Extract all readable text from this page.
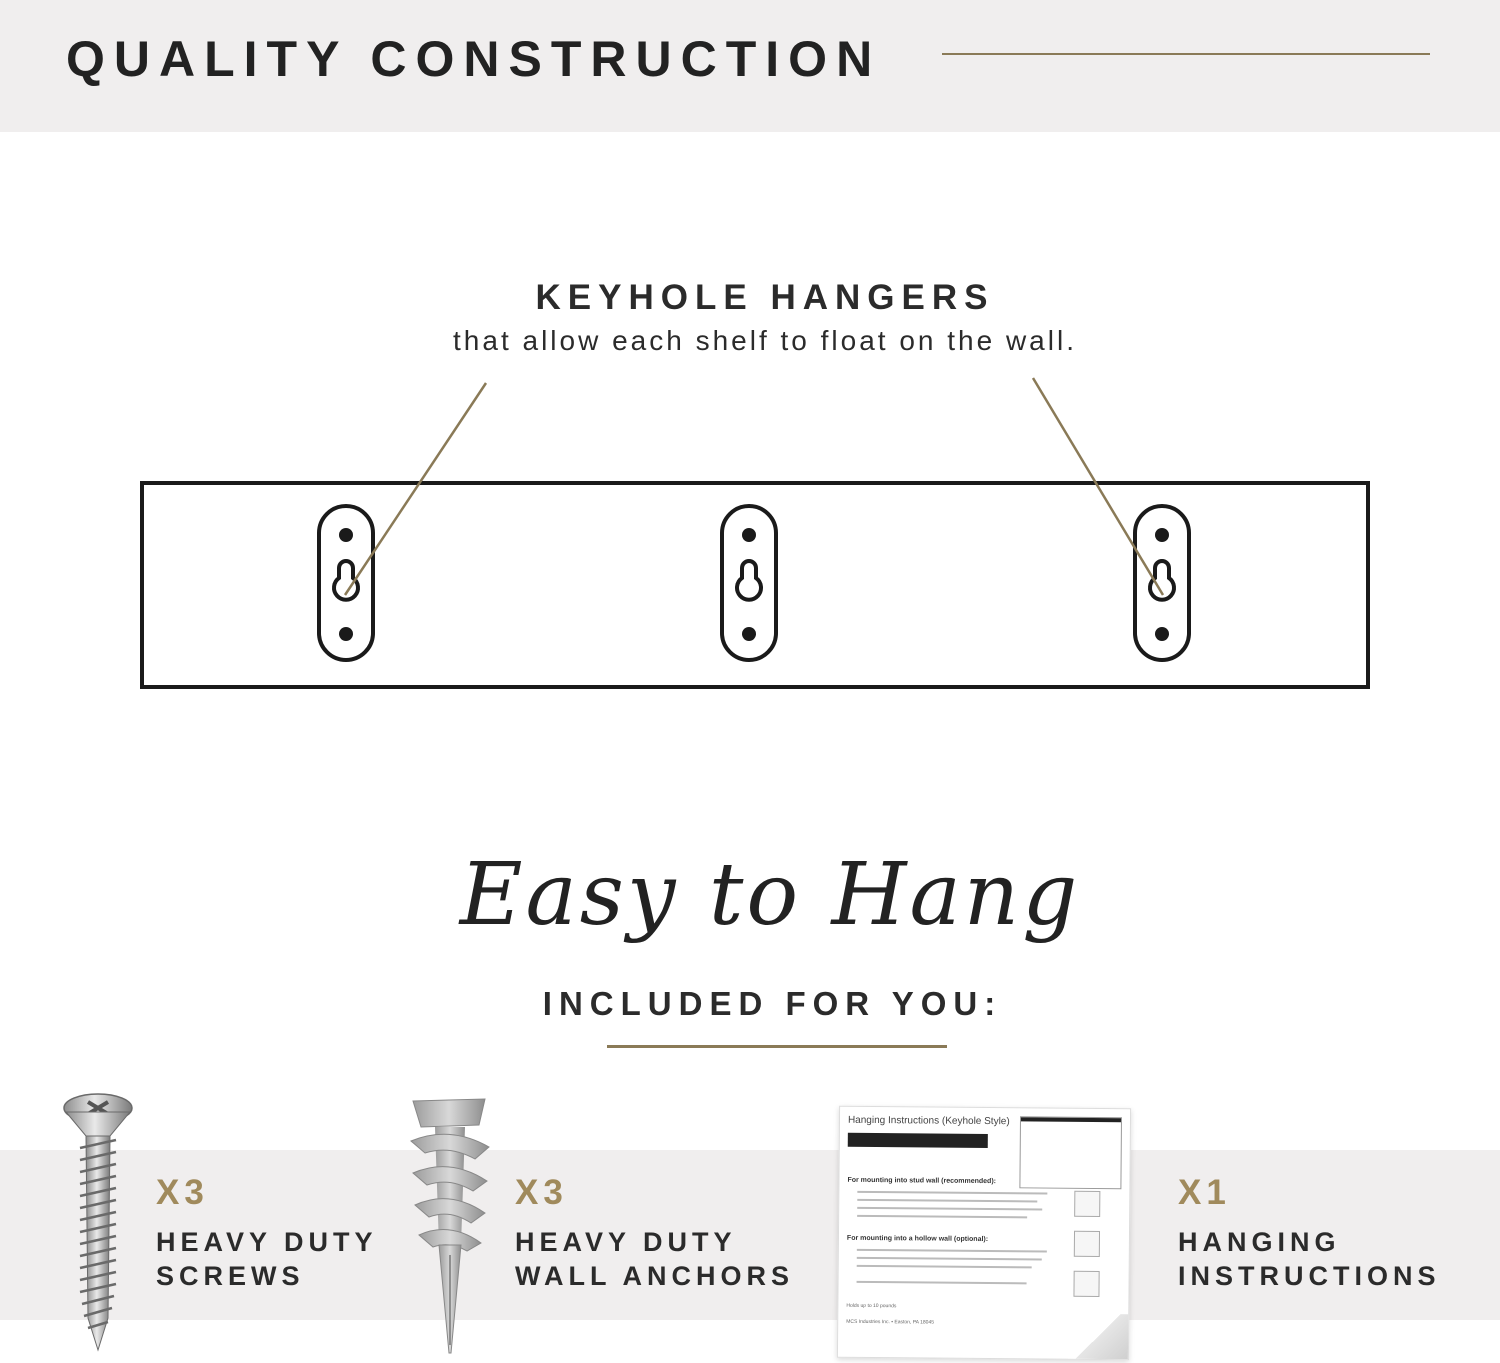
QUALITY CONSTRUCTION
KEYHOLE HANGERS
that allow each shelf to float on the wall.
Easy to Hang
INCLUDED FOR YOU:
Hanging Instructions (Keyhole Style)
For mounting into stud wall (recommended):
For mounting into a hollow wall (optional):
Holds up to 10 pounds
MCS Industries Inc. • Easton, PA 18045
X3
HEAVY DUTY
SCREWS
X3
HEAVY DUTY
WALL ANCHORS
X1
HANGING
INSTRUCTIONS
